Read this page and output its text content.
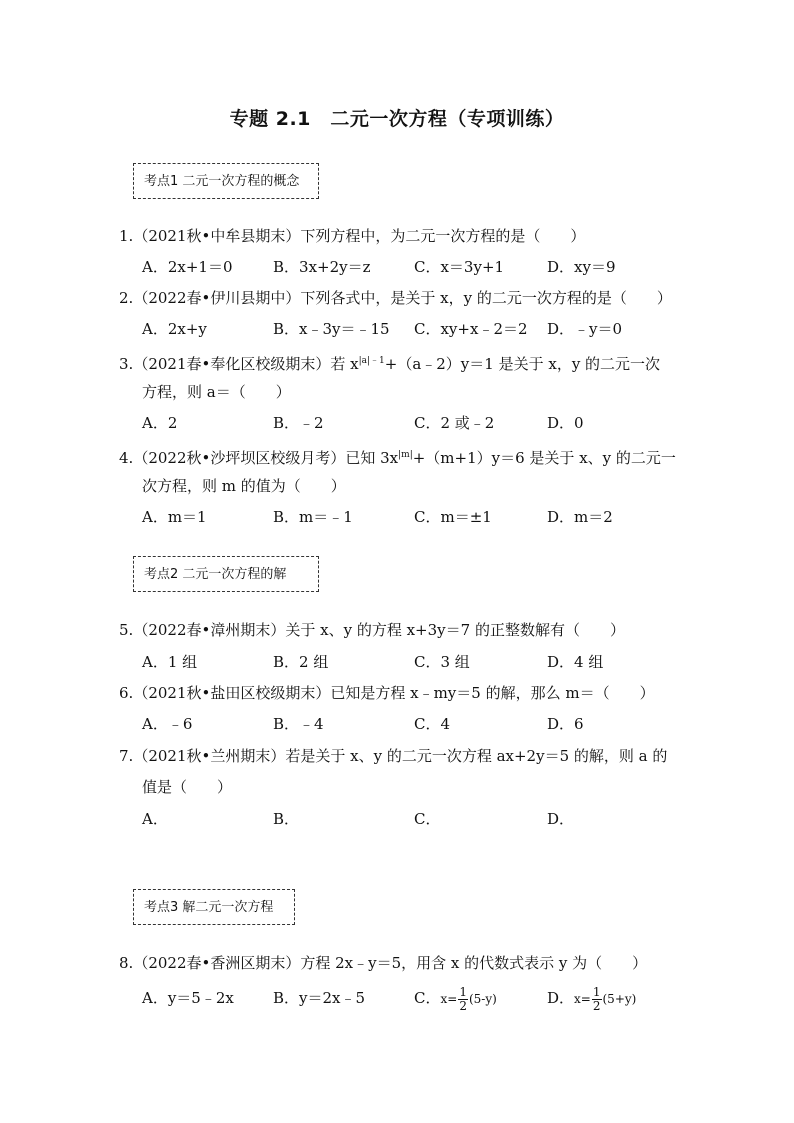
专题 2.1　二元一次方程（专项训练）
考点1 二元一次方程的概念
1.（2021秋•中牟县期末）下列方程中，为二元一次方程的是（　　）
A．2x+1＝0	B．3x+2y＝z	C．x＝3y+1	D．xy＝9
2.（2022春•伊川县期中）下列各式中，是关于 x，y 的二元一次方程的是（　　）
A．2x+y	B．x﹣3y＝﹣15 C．xy+x﹣2＝2 D．﹣y＝0
3.（2021春•奉化区校级期末）若 $x^{|a|﹣1}+(a﹣2)y=1$ 是关于 x，y 的二元一次
方程，则 a＝（　　）
A．2	B．﹣2	C．2 或﹣2	D．0
4.（2022秋•沙坪坝区校级月考）已知 $3x^{|m|}+(m+1)y=6$ 是关于 x、y 的二元一
次方程，则 m 的值为（　　）
A．m＝1	B．m＝﹣1	C．m＝±1	D．m＝2
考点2 二元一次方程的解
5.（2022春•漳州期末）关于 x、y 的方程 x+3y＝7 的正整数解有（　　）
A．1 组	B．2 组	C．3 组	D．4 组
6.（2021秋•盐田区校级期末）已知是方程 x﹣my＝5 的解，那么 m＝（　　）
A．﹣6	B．﹣4	C．4	D．6
7.（2021秋•兰州期末）若是关于 x、y 的二元一次方程 ax+2y＝5 的解，则 a 的
值是（　　）
A．	B．	C．	D．
考点3 解二元一次方程
8.（2022春•香洲区期末）方程 2x﹣y＝5，用含 x 的代数式表示 y 为（　　）
A．y＝5﹣2x	B．y＝2x﹣5	C．$x= \frac{1}{2} (5-y)$	D．$x= \frac{1}{2} (5+y)$
